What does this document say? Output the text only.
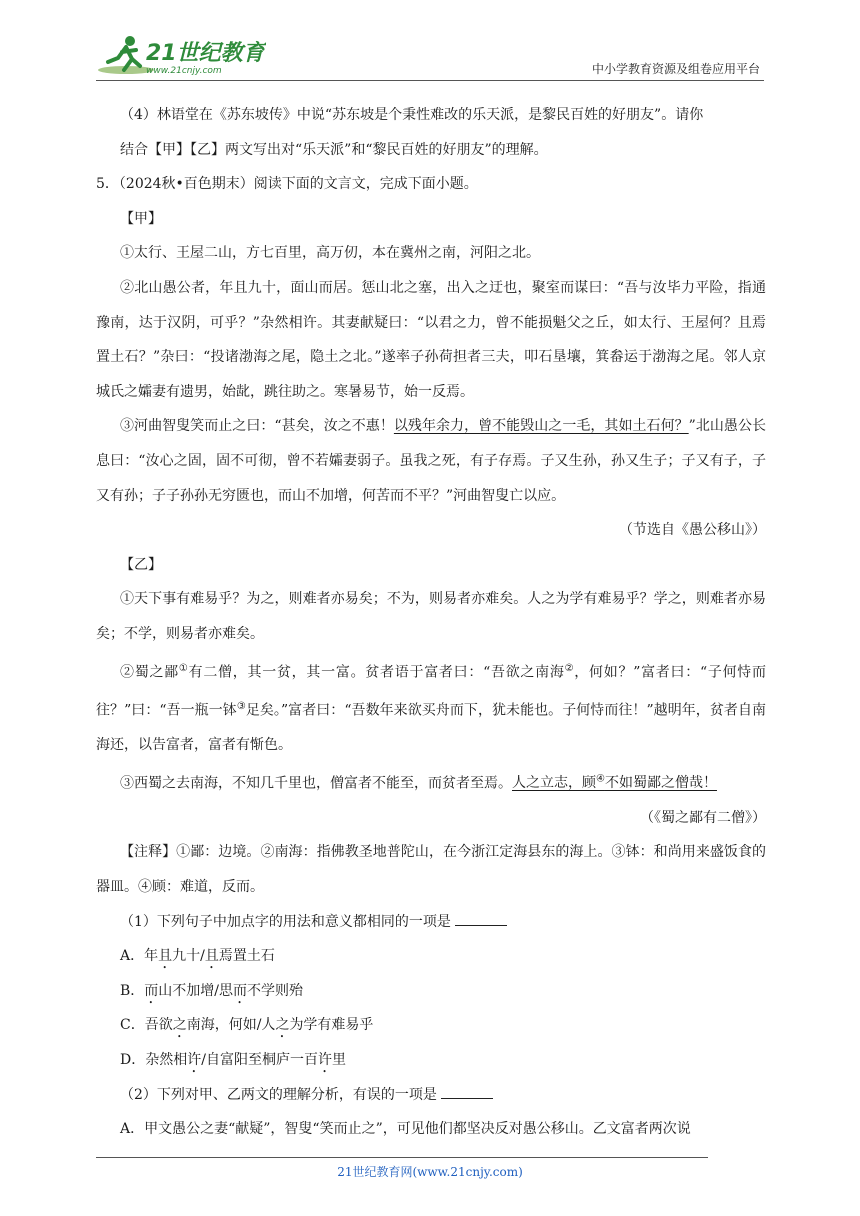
21世纪教育
www.21cnjy.com	中小学教育资源及组卷应用平台

（4）林语堂在《苏东坡传》中说“苏东坡是个秉性难改的乐天派，是黎民百姓的好朋友”。请你

结合【甲】【乙】两文写出对“乐天派”和“黎民百姓的好朋友”的理解。

5．（2024秋•百色期末）阅读下面的文言文，完成下面小题。

【甲】

①太行、王屋二山，方七百里，高万仞，本在冀州之南，河阳之北。

②北山愚公者，年且九十，面山而居。惩山北之塞，出入之迂也，聚室而谋曰：“吾与汝毕力平险，指通豫南，达于汉阴，可乎？”杂然相许。其妻献疑曰：“以君之力，曾不能损魁父之丘，如太行、王屋何？且焉置土石？”杂曰：“投诸渤海之尾，隐土之北。”遂率子孙荷担者三夫，叩石垦壤，箕畚运于渤海之尾。邻人京城氏之孀妻有遗男，始龀，跳往助之。寒暑易节，始一反焉。

③河曲智叟笑而止之曰：“甚矣，汝之不惠！以残年余力，曾不能毁山之一毛，其如土石何？”北山愚公长息曰：“汝心之固，固不可彻，曾不若孀妻弱子。虽我之死，有子存焉。子又生孙，孙又生子；子又有子，子又有孙；子子孙孙无穷匮也，而山不加增，何苦而不平？”河曲智叟亡以应。

（节选自《愚公移山》）

【乙】

①天下事有难易乎？为之，则难者亦易矣；不为，则易者亦难矣。人之为学有难易乎？学之，则难者亦易矣；不学，则易者亦难矣。

②蜀之鄙①有二僧，其一贫，其一富。贫者语于富者曰：“吾欲之南海②，何如？”富者曰：“子何恃而往？”曰：“吾一瓶一钵③足矣。”富者曰：“吾数年来欲买舟而下，犹未能也。子何恃而往！”越明年，贫者自南海还，以告富者，富者有惭色。

③西蜀之去南海，不知几千里也，僧富者不能至，而贫者至焉。人之立志，顾④不如蜀鄙之僧哉！

（《蜀之鄙有二僧》）

【注释】①鄙：边境。②南海：指佛教圣地普陀山，在今浙江定海县东的海上。③钵：和尚用来盛饭食的器皿。④顾：难道，反而。

（1）下列句子中加点字的用法和意义都相同的一项是

A．年且九十/且焉置土石

B．而山不加增/思而不学则殆

C．吾欲之南海，何如/人之为学有难易乎

D．杂然相许/自富阳至桐庐一百许里

（2）下列对甲、乙两文的理解分析，有误的一项是

A．甲文愚公之妻“献疑”，智叟“笑而止之”，可见他们都坚决反对愚公移山。乙文富者两次说

21世纪教育网(www.21cnjy.com)
